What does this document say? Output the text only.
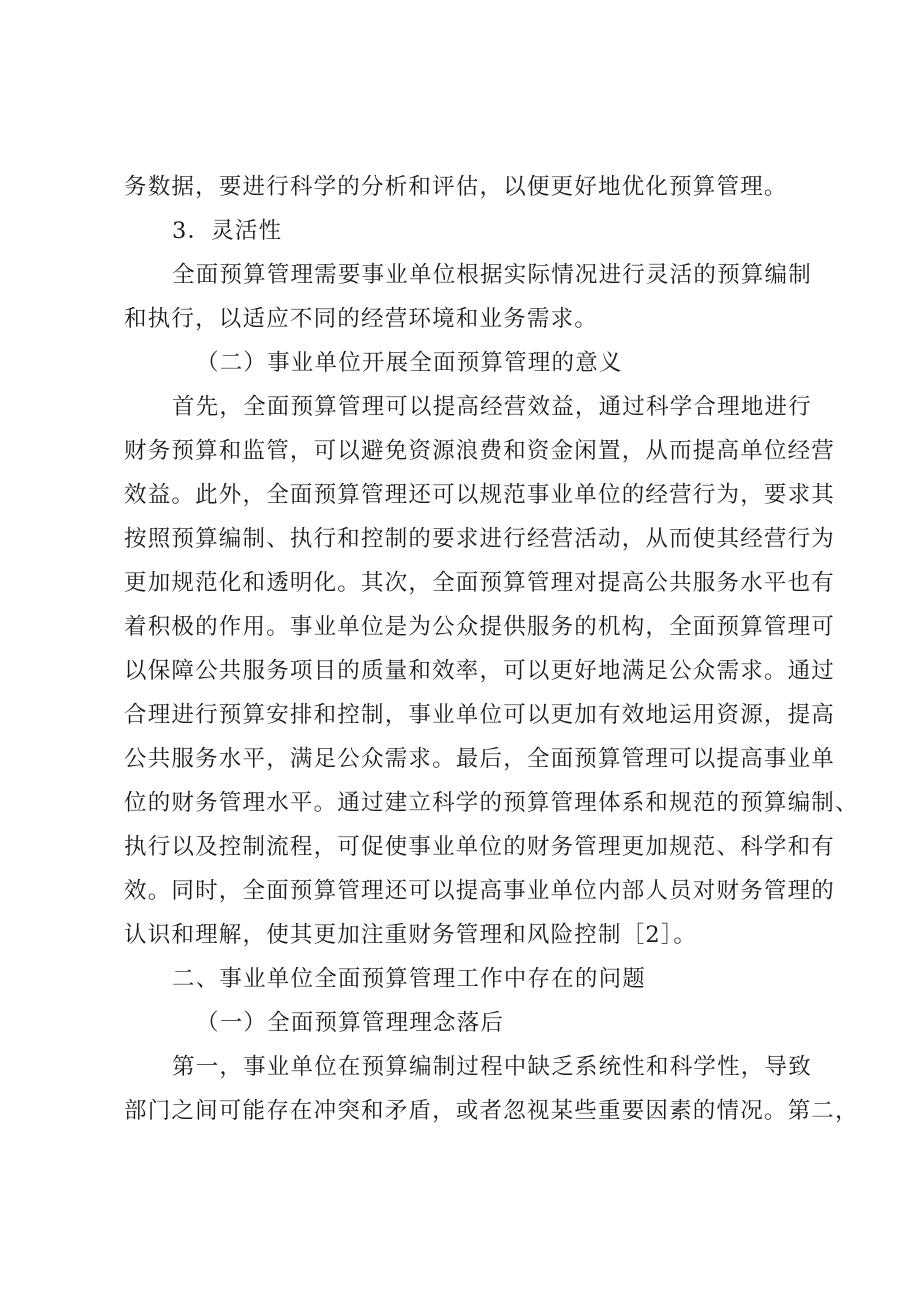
务数据，要进行科学的分析和评估，以便更好地优化预算管理。
3．灵活性
全面预算管理需要事业单位根据实际情况进行灵活的预算编制
和执行，以适应不同的经营环境和业务需求。
（二）事业单位开展全面预算管理的意义
首先，全面预算管理可以提高经营效益，通过科学合理地进行
财务预算和监管，可以避免资源浪费和资金闲置，从而提高单位经营
效益。此外，全面预算管理还可以规范事业单位的经营行为，要求其
按照预算编制、执行和控制的要求进行经营活动，从而使其经营行为
更加规范化和透明化。其次，全面预算管理对提高公共服务水平也有
着积极的作用。事业单位是为公众提供服务的机构，全面预算管理可
以保障公共服务项目的质量和效率，可以更好地满足公众需求。通过
合理进行预算安排和控制，事业单位可以更加有效地运用资源，提高
公共服务水平，满足公众需求。最后，全面预算管理可以提高事业单
位的财务管理水平。通过建立科学的预算管理体系和规范的预算编制、
执行以及控制流程，可促使事业单位的财务管理更加规范、科学和有
效。同时，全面预算管理还可以提高事业单位内部人员对财务管理的
认识和理解，使其更加注重财务管理和风险控制［2］。
二、事业单位全面预算管理工作中存在的问题
（一）全面预算管理理念落后
第一，事业单位在预算编制过程中缺乏系统性和科学性，导致
部门之间可能存在冲突和矛盾，或者忽视某些重要因素的情况。第二，
